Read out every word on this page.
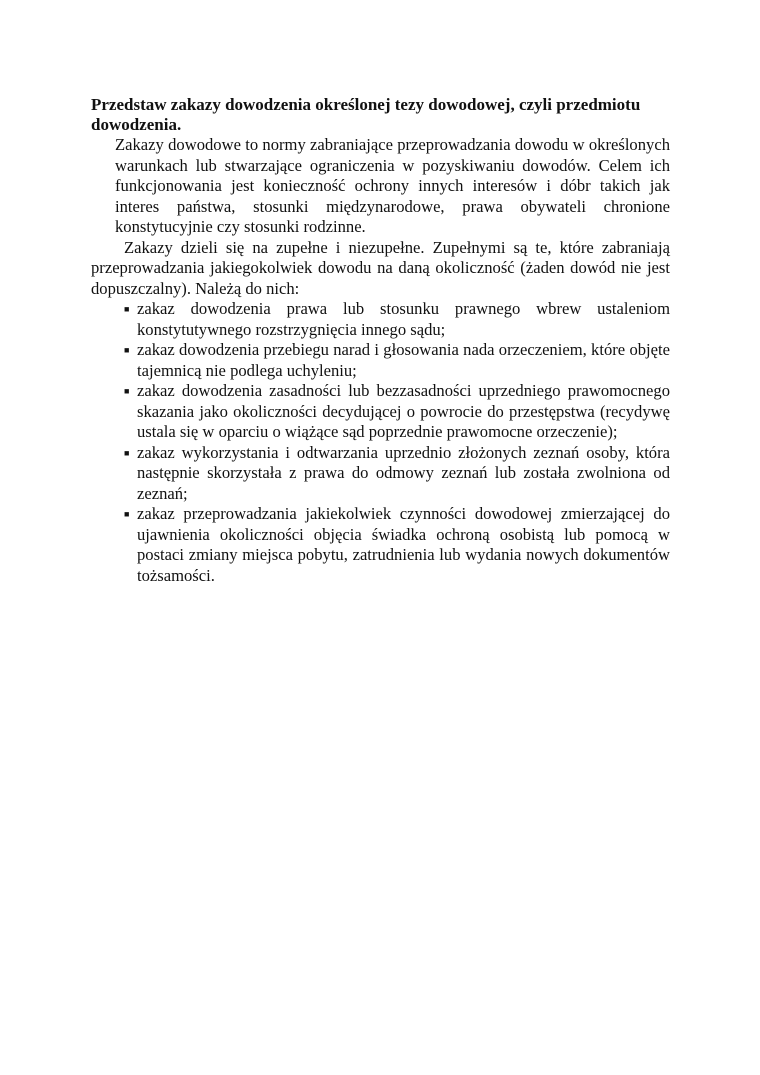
Przedstaw zakazy dowodzenia określonej tezy dowodowej, czyli przedmiotu dowodzenia.

Zakazy dowodowe to normy zabraniające przeprowadzania dowodu w określonych warunkach lub stwarzające ograniczenia w pozyskiwaniu dowodów. Celem ich funkcjonowania jest konieczność ochrony innych interesów i dóbr takich jak interes państwa, stosunki międzynarodowe, prawa obywateli chronione konstytucyjnie czy stosunki rodzinne.

Zakazy dzieli się na zupełne i niezupełne. Zupełnymi są te, które zabraniają przeprowadzania jakiegokolwiek dowodu na daną okoliczność (żaden dowód nie jest dopuszczalny). Należą do nich:

■ zakaz dowodzenia prawa lub stosunku prawnego wbrew ustaleniom konstytutywnego rozstrzygnięcia innego sądu;
■ zakaz dowodzenia przebiegu narad i głosowania nada orzeczeniem, które objęte tajemnicą nie podlega uchyleniu;
■ zakaz dowodzenia zasadności lub bezzasadności uprzedniego prawomocnego skazania jako okoliczności decydującej o powrocie do przestępstwa (recydywę ustala się w oparciu o wiążące sąd poprzednie prawomocne orzeczenie);
■ zakaz wykorzystania i odtwarzania uprzednio złożonych zeznań osoby, która następnie skorzystała z prawa do odmowy zeznań lub została zwolniona od zeznań;
■ zakaz przeprowadzania jakiekolwiek czynności dowodowej zmierzającej do ujawnienia okoliczności objęcia świadka ochroną osobistą lub pomocą w postaci zmiany miejsca pobytu, zatrudnienia lub wydania nowych dokumentów tożsamości.
